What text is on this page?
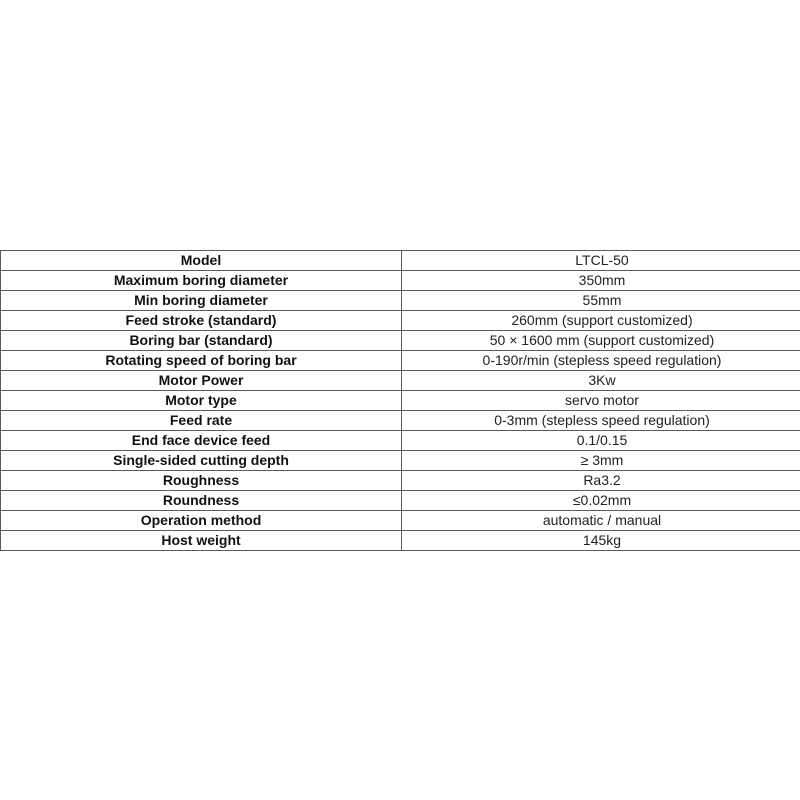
Model	LTCL-50
Maximum boring diameter	350mm
Min boring diameter	55mm
Feed stroke (standard)	260mm (support customized)
Boring bar (standard)	50 × 1600 mm (support customized)
Rotating speed of boring bar	0-190r/min (stepless speed regulation)
Motor Power	3Kw
Motor type	servo motor
Feed rate	0-3mm (stepless speed regulation)
End face device feed	0.1/0.15
Single-sided cutting depth	≥ 3mm
Roughness	Ra3.2
Roundness	≤0.02mm
Operation method	automatic / manual
Host weight	145kg
